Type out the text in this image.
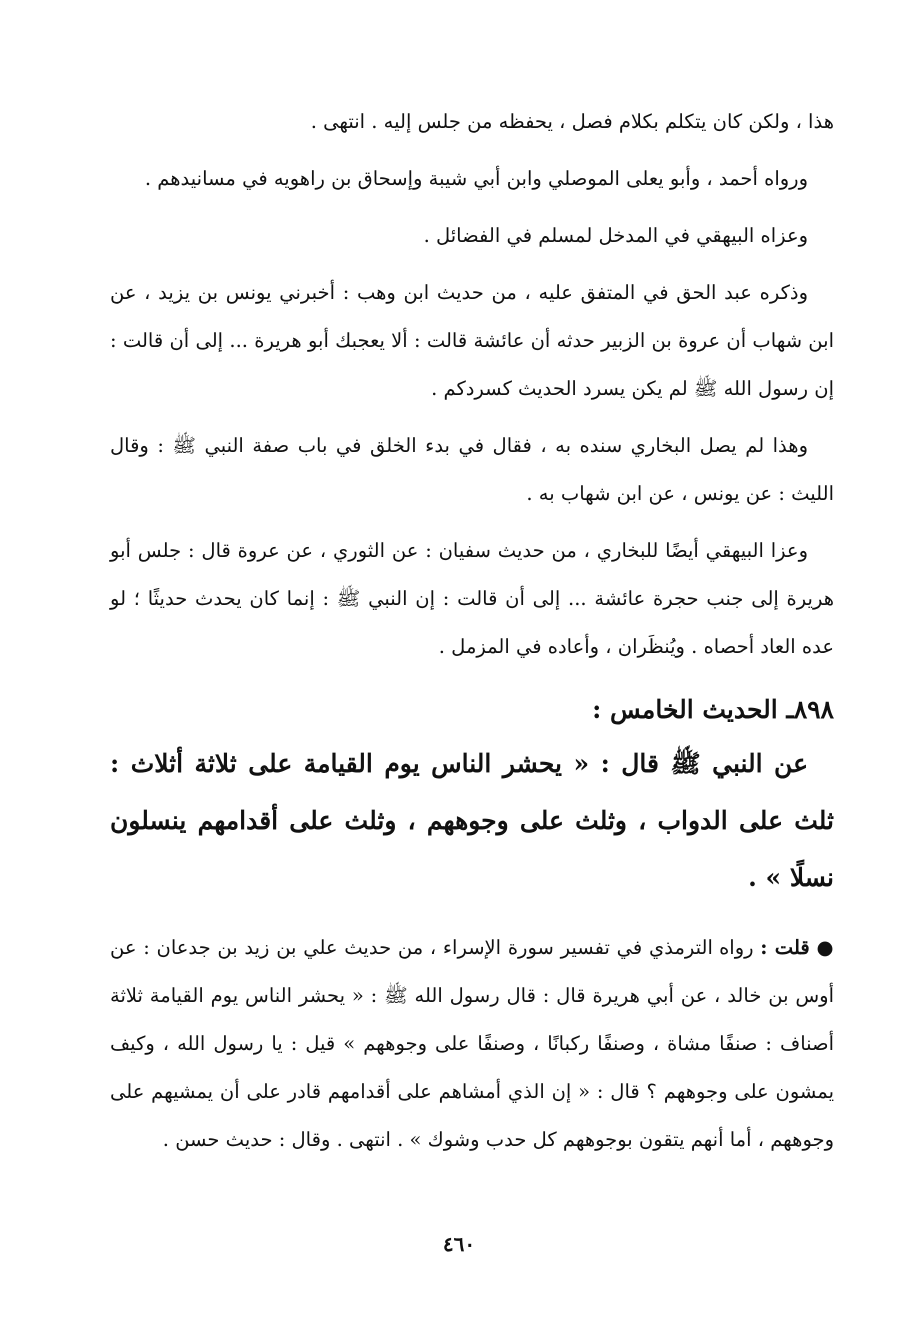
هذا ، ولكن كان يتكلم بكلام فصل ، يحفظه من جلس إليه . انتهى .

ورواه أحمد ، وأبو يعلى الموصلي وابن أبي شيبة وإسحاق بن راهويه في مسانيدهم .

وعزاه البيهقي في المدخل لمسلم في الفضائل .

وذكره عبد الحق في المتفق عليه ، من حديث ابن وهب : أخبرني يونس بن يزيد ، عن ابن شهاب أن عروة بن الزبير حدثه أن عائشة قالت : ألا يعجبك أبو هريرة ... إلى أن قالت : إن رسول الله ﷺ لم يكن يسرد الحديث كسردكم .

وهذا لم يصل البخاري سنده به ، فقال في بدء الخلق في باب صفة النبي ﷺ : وقال الليث : عن يونس ، عن ابن شهاب به .

وعزا البيهقي أيضًا للبخاري ، من حديث سفيان : عن الثوري ، عن عروة قال : جلس أبو هريرة إلى جنب حجرة عائشة ... إلى أن قالت : إن النبي ﷺ : إنما كان يحدث حديثًا ؛ لو عده العاد أحصاه . ويُنظَران ، وأعاده في المزمل .

٨٩٨ـ الحديث الخامس :

عن النبي ﷺ قال : « يحشر الناس يوم القيامة على ثلاثة أثلاث : ثلث على الدواب ، وثلث على وجوههم ، وثلث على أقدامهم ينسلون نسلًا » .

● قلت : رواه الترمذي في تفسير سورة الإسراء ، من حديث علي بن زيد بن جدعان : عن أوس بن خالد ، عن أبي هريرة قال : قال رسول الله ﷺ : « يحشر الناس يوم القيامة ثلاثة أصناف : صنفًا مشاة ، وصنفًا ركبانًا ، وصنفًا على وجوههم » قيل : يا رسول الله ، وكيف يمشون على وجوههم ؟ قال : « إن الذي أمشاهم على أقدامهم قادر على أن يمشيهم على وجوههم ، أما أنهم يتقون بوجوههم كل حدب وشوك » . انتهى . وقال : حديث حسن .

٤٦٠
